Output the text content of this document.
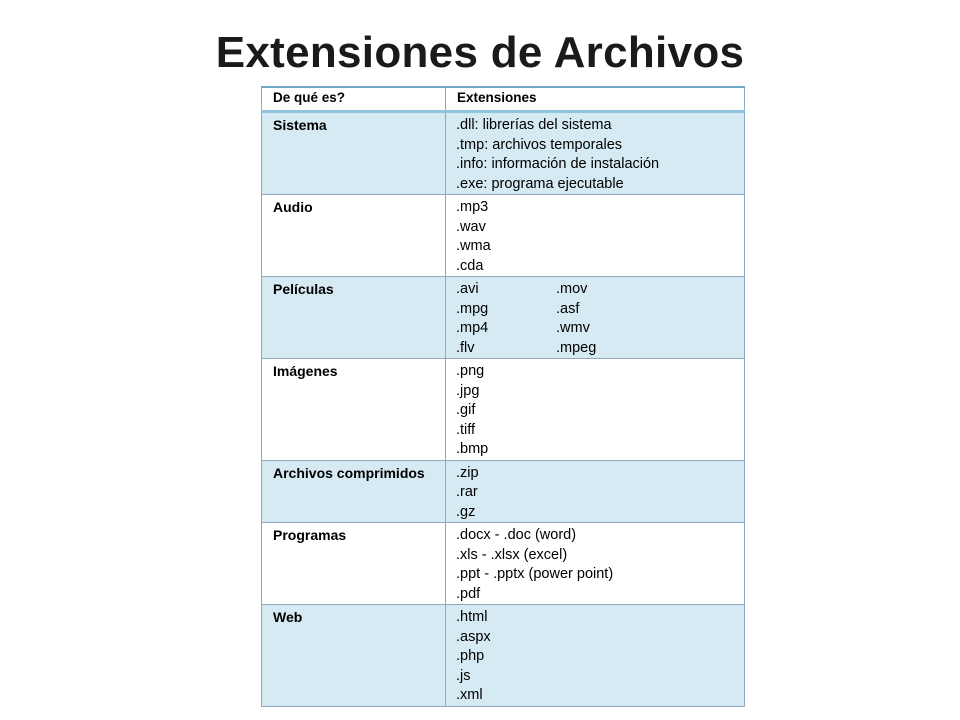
Extensiones de Archivos
De qué es?	Extensiones
Sistema	.dll: librerías del sistema
.tmp: archivos temporales
.info: información de instalación
.exe: programa ejecutable

Audio	.mp3
.wav
.wma
.cda

Películas	.avi .mov
.mpg .asf
.mp4 .wmv
.flv .mpeg

Imágenes	.png
.jpg
.gif
.tiff
.bmp

Archivos comprimidos	.zip
.rar
.gz

Programas	.docx - .doc (word)
.xls - .xlsx (excel)
.ppt - .pptx (power point)
.pdf

Web	.html
.aspx
.php
.js
.xml
